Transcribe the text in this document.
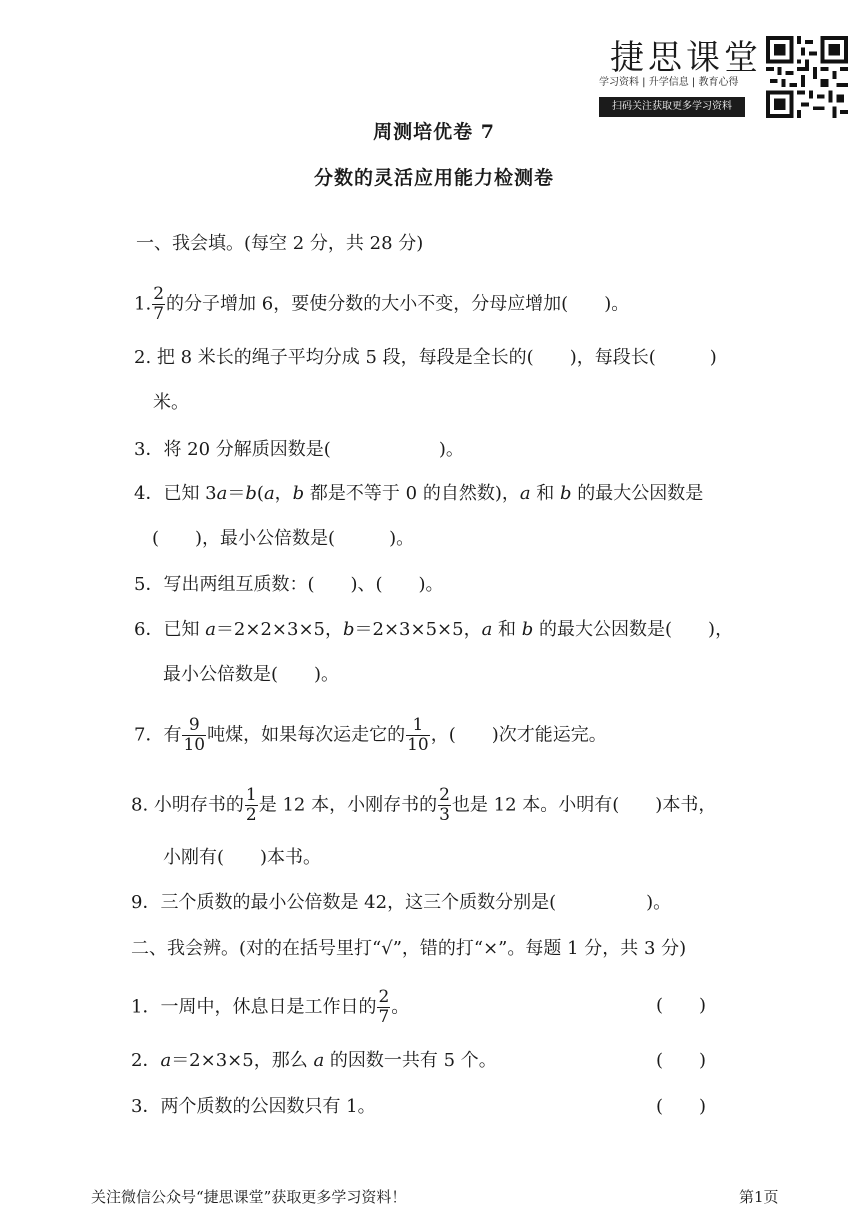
捷思课堂
学习资料 | 升学信息 | 教育心得
扫码关注获取更多学习资料
周测培优卷 7
分数的灵活应用能力检测卷
一、我会填。(每空 2 分，共 28 分)
1. $\frac{2}{7}$ 的分子增加 6，要使分数的大小不变，分母应增加(　　)。
2. 把 8 米长的绳子平均分成 5 段，每段是全长的(　　)，每段长(　　　)
米。
3．将 20 分解质因数是(　　　　　　)。
4．已知 3a＝b(a，b 都是不等于 0 的自然数)，a 和 b 的最大公因数是
(　　)，最小公倍数是(　　　)。
5．写出两组互质数：(　　)、(　　)。
6．已知 a＝2×2×3×5，b＝2×3×5×5，a 和 b 的最大公因数是(　　)，
最小公倍数是(　　)。
7．有 $\frac{9}{10}$ 吨煤，如果每次运走它的 $\frac{1}{10}$ ，(　　)次才能运完。
8. 小明存书的 $\frac{1}{2}$ 是 12 本，小刚存书的 $\frac{2}{3}$ 也是 12 本。小明有(　　)本书，
小刚有(　　)本书。
9．三个质数的最小公倍数是 42，这三个质数分别是(　　　　　)。
二、我会辨。(对的在括号里打“√”，错的打“×”。每题 1 分，共 3 分)
1．一周中，休息日是工作日的 $\frac{2}{7}$ 。	(　　)
2．a＝2×3×5，那么 a 的因数一共有 5 个。	(　　)
3．两个质数的公因数只有 1。	(　　)
关注微信公众号“捷思课堂”获取更多学习资料！	第1页
